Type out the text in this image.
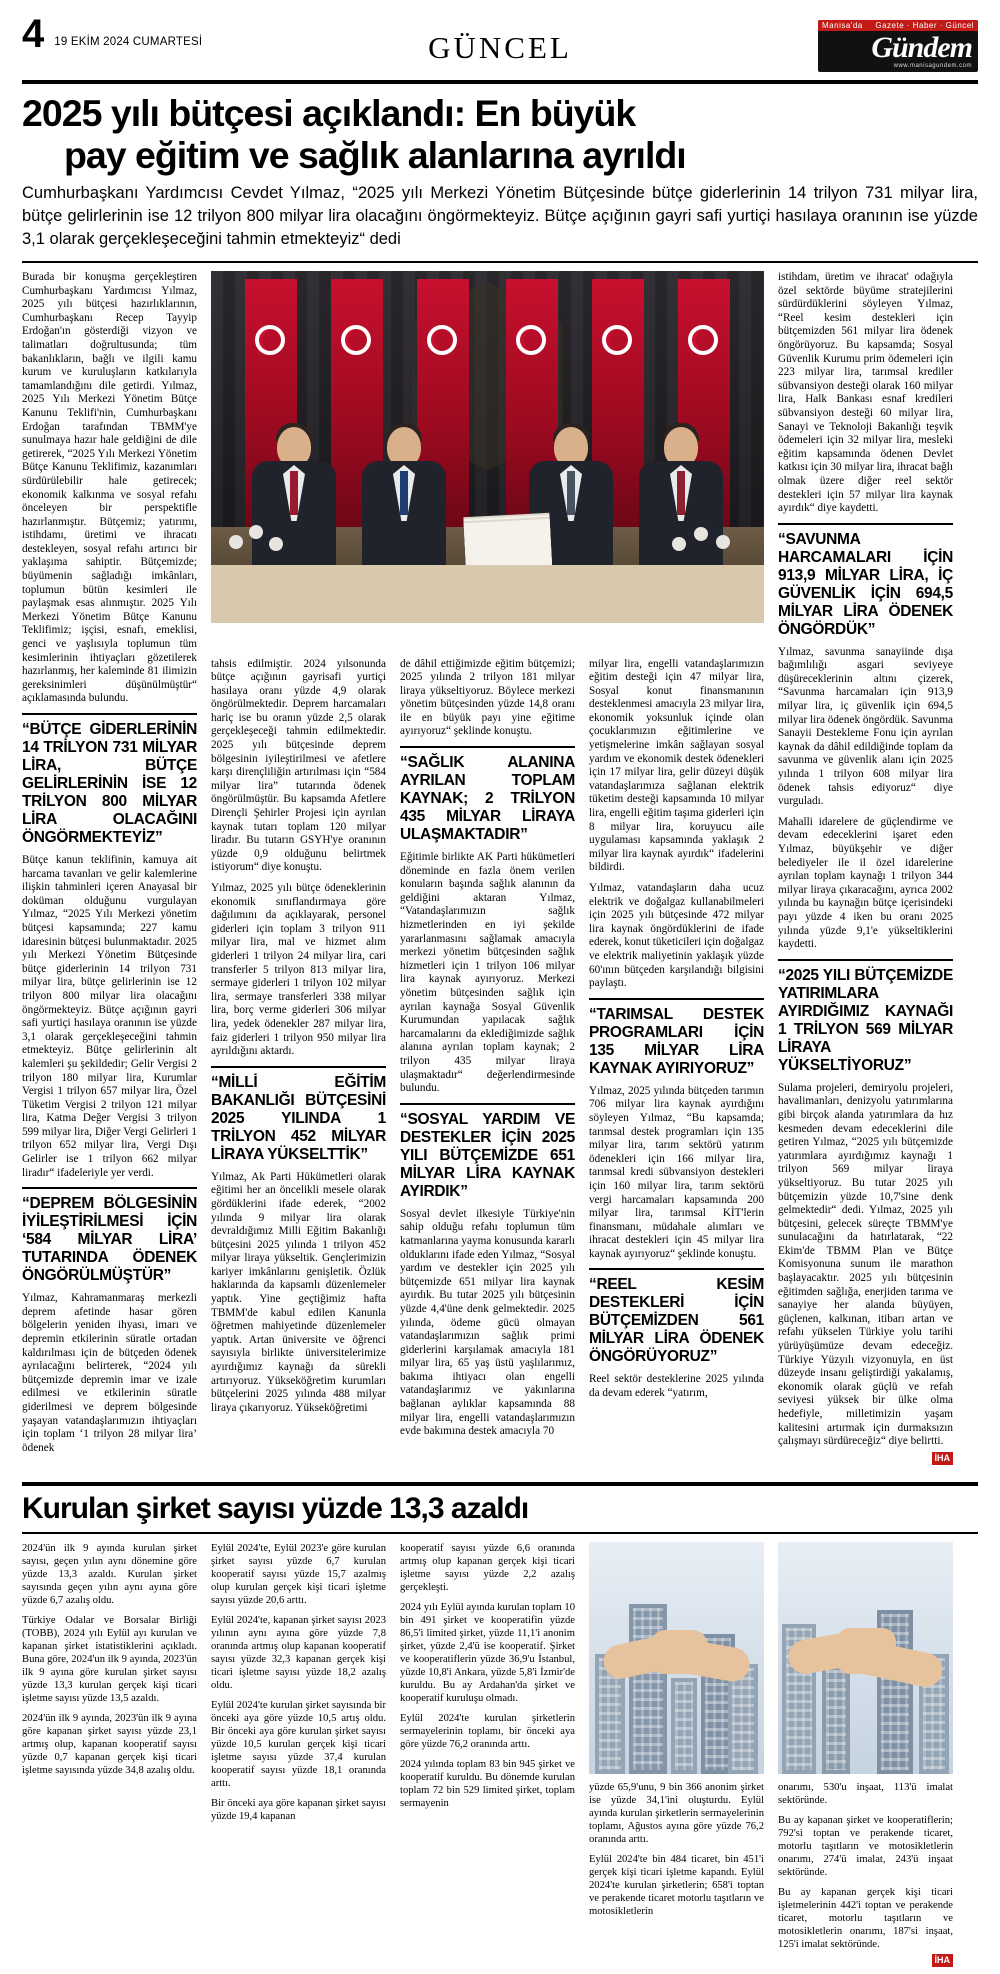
4 19 EKİM 2024 CUMARTESİ	GÜNCEL
Manisa'da Gazete · Haber · Güncel
Gündem
www.manisagundem.com
2025 yılı bütçesi açıklandı: En büyük
pay eğitim ve sağlık alanlarına ayrıldı
Cumhurbaşkanı Yardımcısı Cevdet Yılmaz, “2025 yılı Merkezi Yönetim Bütçesinde bütçe giderlerinin 14 trilyon 731 milyar lira, bütçe gelirlerinin ise 12 trilyon 800 milyar lira olacağını öngörmekteyiz. Bütçe açığının gayri safi yurtiçi hasılaya oranının ise yüzde 3,1 olarak gerçekleşeceğini tahmin etmekteyiz“ dedi

Burada bir konuşma gerçekleştiren Cumhurbaşkanı Yardımcısı Yılmaz, 2025 yılı bütçesi hazırlıklarının, Cumhurbaşkanı Recep Tayyip Erdoğan'ın gösterdiği vizyon ve talimatları doğrultusunda; tüm bakanlıkların, bağlı ve ilgili kamu kurum ve kuruluşların katkılarıyla tamamlandığını dile getirdi. Yılmaz, 2025 Yılı Merkezi Yönetim Bütçe Kanunu Teklifi'nin, Cumhurbaşkanı Erdoğan tarafından TBMM'ye sunulmaya hazır hale geldiğini de dile getirerek, “2025 Yılı Merkezi Yönetim Bütçe Kanunu Teklifimiz, kazanımları sürdürülebilir hale getirecek; ekonomik kalkınma ve sosyal refahı önceleyen bir perspektifle hazırlanmıştır. Bütçemiz; yatırımı, istihdamı, üretimi ve ihracatı destekleyen, sosyal refahı artırıcı bir yaklaşıma sahiptir. Bütçemizde; büyümenin sağladığı imkânları, toplumun bütün kesimleri ile paylaşmak esas alınmıştır. 2025 Yılı Merkezi Yönetim Bütçe Kanunu Teklifimiz; işçisi, esnafı, emeklisi, genci ve yaşlısıyla toplumun tüm kesimlerinin ihtiyaçları gözetilerek hazırlanmış, her kaleminde 81 ilimizin gereksinimleri düşünülmüştür“ açıklamasında bulundu.

“BÜTÇE GİDERLERİNİN 14 TRİLYON 731 MİLYAR LİRA, BÜTÇE GELİRLERİNİN İSE 12 TRİLYON 800 MİLYAR LİRA OLACAĞINI ÖNGÖRMEKTEYİZ”

Bütçe kanun teklifinin, kamuya ait harcama tavanları ve gelir kalemlerine ilişkin tahminleri içeren Anayasal bir doküman olduğunu vurgulayan Yılmaz, “2025 Yılı Merkezi yönetim bütçesi kapsamında; 227 kamu idaresinin bütçesi bulunmaktadır. 2025 yılı Merkezi Yönetim Bütçesinde bütçe giderlerinin 14 trilyon 731 milyar lira, bütçe gelirlerinin ise 12 trilyon 800 milyar lira olacağını öngörmekteyiz. Bütçe açığının gayri safi yurtiçi hasılaya oranının ise yüzde 3,1 olarak gerçekleşeceğini tahmin etmekteyiz. Bütçe gelirlerinin alt kalemleri şu şekildedir; Gelir Vergisi 2 trilyon 180 milyar lira, Kurumlar Vergisi 1 trilyon 657 milyar lira, Özel Tüketim Vergisi 2 trilyon 121 milyar lira, Katma Değer Vergisi 3 trilyon 599 milyar lira, Diğer Vergi Gelirleri 1 trilyon 652 milyar lira, Vergi Dışı Gelirler ise 1 trilyon 662 milyar liradır“ ifadeleriyle yer verdi.

“DEPREM BÖLGESİNİN İYİLEŞTİRİLMESİ İÇİN ‘584 MİLYAR LİRA’ TUTARINDA ÖDENEK ÖNGÖRÜLMÜŞTÜR”

Yılmaz, Kahramanmaraş merkezli deprem afetinde hasar gören bölgelerin yeniden ihyası, imarı ve depremin etkilerinin süratle ortadan kaldırılması için de bütçeden ödenek ayrılacağını belirterek, “2024 yılı bütçemizde depremin imar ve izale edilmesi ve etkilerinin süratle giderilmesi ve deprem bölgesinde yaşayan vatandaşlarımızın ihtiyaçları için toplam ‘1 trilyon 28 milyar lira’ ödenek

tahsis edilmiştir. 2024 yılsonunda bütçe açığının gayrisafi yurtiçi hasılaya oranı yüzde 4,9 olarak öngörülmektedir. Deprem harcamaları hariç ise bu oranın yüzde 2,5 olarak gerçekleşeceği tahmin edilmektedir. 2025 yılı bütçesinde deprem bölgesinin iyileştirilmesi ve afetlere karşı dirençliliğin artırılması için “584 milyar lira” tutarında ödenek öngörülmüştür. Bu kapsamda Afetlere Dirençli Şehirler Projesi için ayrılan kaynak tutarı toplam 120 milyar liradır. Bu tutarın GSYH'ye oranının yüzde 0,9 olduğunu belirtmek istiyorum“ diye konuştu.

Yılmaz, 2025 yılı bütçe ödeneklerinin ekonomik sınıflandırmaya göre dağılımını da açıklayarak, personel giderleri için toplam 3 trilyon 911 milyar lira, mal ve hizmet alım giderleri 1 trilyon 24 milyar lira, cari transferler 5 trilyon 813 milyar lira, sermaye giderleri 1 trilyon 102 milyar lira, sermaye transferleri 338 milyar lira, borç verme giderleri 306 milyar lira, yedek ödenekler 287 milyar lira, faiz giderleri 1 trilyon 950 milyar lira ayrıldığını aktardı.

“MİLLİ EĞİTİM BAKANLIĞI BÜTÇESİNİ 2025 YILINDA 1 TRİLYON 452 MİLYAR LİRAYA YÜKSELTTİK”

Yılmaz, Ak Parti Hükümetleri olarak eğitimi her an öncelikli mesele olarak gördüklerini ifade ederek, “2002 yılında 9 milyar lira olarak devraldığımız Milli Eğitim Bakanlığı bütçesini 2025 yılında 1 trilyon 452 milyar liraya yükseltik. Gençlerimizin kariyer imkânlarını genişletik. Özlük haklarında da kapsamlı düzenlemeler yaptık. Yine geçtiğimiz hafta TBMM'de kabul edilen Kanunla öğretmen mahiyetinde düzenlemeler yaptık. Artan üniversite ve öğrenci sayısıyla birlikte üniversitelerimize ayırdığımız kaynağı da sürekli artırıyoruz. Yükseköğretim kurumları bütçelerini 2025 yılında 488 milyar liraya çıkarıyoruz. Yükseköğretimi

de dâhil ettiğimizde eğitim bütçemizi; 2025 yılında 2 trilyon 181 milyar liraya yükseltiyoruz. Böylece merkezi yönetim bütçesinden yüzde 14,8 oranı ile en büyük payı yine eğitime ayırıyoruz“ şeklinde konuştu.

“SAĞLIK ALANINA AYRILAN TOPLAM KAYNAK; 2 TRİLYON 435 MİLYAR LİRAYA ULAŞMAKTADIR”

Eğitimle birlikte AK Parti hükümetleri döneminde en fazla önem verilen konuların başında sağlık alanının da geldiğini aktaran Yılmaz, “Vatandaşlarımızın sağlık hizmetlerinden en iyi şekilde yararlanmasını sağlamak amacıyla merkezi yönetim bütçesinden sağlık hizmetleri için 1 trilyon 106 milyar lira kaynak ayırıyoruz. Merkezi yönetim bütçesinden sağlık için ayrılan kaynağa Sosyal Güvenlik Kurumundan yapılacak sağlık harcamalarını da eklediğimizde sağlık alanına ayrılan toplam kaynak; 2 trilyon 435 milyar liraya ulaşmaktadır“ değerlendirmesinde bulundu.

“SOSYAL YARDIM VE DESTEKLER İÇİN 2025 YILI BÜTÇEMİZDE 651 MİLYAR LİRA KAYNAK AYIRDIK”

Sosyal devlet ilkesiyle Türkiye'nin sahip olduğu refahı toplumun tüm katmanlarına yayma konusunda kararlı olduklarını ifade eden Yılmaz, “Sosyal yardım ve destekler için 2025 yılı bütçemizde 651 milyar lira kaynak ayırdık. Bu tutar 2025 yılı bütçesinin yüzde 4,4'üne denk gelmektedir. 2025 yılında, ödeme gücü olmayan vatandaşlarımızın sağlık primi giderlerini karşılamak amacıyla 181 milyar lira, 65 yaş üstü yaşlılarımız, bakıma ihtiyacı olan engelli vatandaşlarımız ve yakınlarına bağlanan aylıklar kapsamında 88 milyar lira, engelli vatandaşlarımızın evde bakımına destek amacıyla 70

milyar lira, engelli vatandaşlarımızın eğitim desteği için 47 milyar lira, Sosyal konut finansmanının desteklenmesi amacıyla 23 milyar lira, ekonomik yoksunluk içinde olan çocuklarımızın eğitimlerine ve yetişmelerine imkân sağlayan sosyal yardım ve ekonomik destek ödenekleri için 17 milyar lira, gelir düzeyi düşük vatandaşlarımıza sağlanan elektrik tüketim desteği kapsamında 10 milyar lira, engelli eğitim taşıma giderleri için 8 milyar lira, koruyucu aile uygulaması kapsamında yaklaşık 2 milyar lira kaynak ayırdık“ ifadelerini bildirdi.

Yılmaz, vatandaşların daha ucuz elektrik ve doğalgaz kullanabilmeleri için 2025 yılı bütçesinde 472 milyar lira kaynak öngördüklerini de ifade ederek, konut tüketicileri için doğalgaz ve elektrik maliyetinin yaklaşık yüzde 60'ının bütçeden karşılandığı bilgisini paylaştı.

“TARIMSAL DESTEK PROGRAMLARI İÇİN 135 MİLYAR LİRA KAYNAK AYIRIYORUZ”

Yılmaz, 2025 yılında bütçeden tarımın 706 milyar lira kaynak ayırdığını söyleyen Yılmaz, “Bu kapsamda; tarımsal destek programları için 135 milyar lira, tarım sektörü yatırım ödenekleri için 166 milyar lira, tarımsal kredi sübvansiyon destekleri için 160 milyar lira, tarım sektörü vergi harcamaları kapsamında 200 milyar lira, tarımsal KİT'lerin finansmanı, müdahale alımları ve ihracat destekleri için 45 milyar lira kaynak ayırıyoruz“ şeklinde konuştu.

“REEL KESİM DESTEKLERİ İÇİN BÜTÇEMİZDEN 561 MİLYAR LİRA ÖDENEK ÖNGÖRÜYORUZ”

Reel sektör desteklerine 2025 yılında da devam ederek “yatırım,

istihdam, üretim ve ihracat' odağıyla özel sektörde büyüme stratejilerini sürdürdüklerini söyleyen Yılmaz, “Reel kesim destekleri için bütçemizden 561 milyar lira ödenek öngörüyoruz. Bu kapsamda; Sosyal Güvenlik Kurumu prim ödemeleri için 223 milyar lira, tarımsal krediler sübvansiyon desteği olarak 160 milyar lira, Halk Bankası esnaf kredileri sübvansiyon desteği 60 milyar lira, Sanayi ve Teknoloji Bakanlığı teşvik ödemeleri için 32 milyar lira, mesleki eğitim kapsamında ödenen Devlet katkısı için 30 milyar lira, ihracat bağlı olmak üzere diğer reel sektör destekleri için 57 milyar lira kaynak ayırdık“ diye kaydetti.

“SAVUNMA HARCAMALARI İÇİN 913,9 MİLYAR LİRA, İÇ GÜVENLİK İÇİN 694,5 MİLYAR LİRA ÖDENEK ÖNGÖRDÜK”

Yılmaz, savunma sanayiinde dışa bağımlılığı asgari seviyeye düşüreceklerinin altını çizerek, “Savunma harcamaları için 913,9 milyar lira, iç güvenlik için 694,5 milyar lira ödenek öngördük. Savunma Sanayii Destekleme Fonu için ayrılan kaynak da dâhil edildiğinde toplam da savunma ve güvenlik alanı için 2025 yılında 1 trilyon 608 milyar lira ödenek tahsis ediyoruz“ diye vurguladı.

Mahalli idarelere de güçlendirme ve devam edeceklerini işaret eden Yılmaz, büyükşehir ve diğer belediyeler ile il özel idarelerine ayrılan toplam kaynağı 1 trilyon 344 milyar liraya çıkaracağını, ayrıca 2002 yılında bu kaynağın bütçe içerisindeki payı yüzde 4 iken bu oranı 2025 yılında yüzde 9,1'e yükseltiklerini kaydetti.

“2025 YILI BÜTÇEMİZDE YATIRIMLARA AYIRDIĞIMIZ KAYNAĞI 1 TRİLYON 569 MİLYAR LİRAYA YÜKSELTİYORUZ”

Sulama projeleri, demiryolu projeleri, havalimanları, denizyolu yatırımlarına gibi birçok alanda yatırımlara da hız kesmeden devam edeceklerini dile getiren Yılmaz, “2025 yılı bütçemizde yatırımlara ayırdığımız kaynağı 1 trilyon 569 milyar liraya yükseltiyoruz. Bu tutar 2025 yılı bütçemizin yüzde 10,7'sine denk gelmektedir“ dedi. Yılmaz, 2025 yılı bütçesini, gelecek süreçte TBMM'ye sunulacağını da hatırlatarak, “22 Ekim'de TBMM Plan ve Bütçe Komisyonuna sunum ile marathon başlayacaktır. 2025 yılı bütçesinin eğitimden sağlığa, enerjiden tarıma ve sanayiye her alanda büyüyen, güçlenen, kalkınan, itibarı artan ve refahı yükselen Türkiye yolu tarihi yürüyüşümüze devam edeceğiz. Türkiye Yüzyılı vizyonuyla, en üst düzeyde insanı geliştirdiği yakalamış, ekonomik olarak güçlü ve refah seviyesi yüksek bir ülke olma hedefiyle, milletimizin yaşam kalitesini artırmak için durmaksızın çalışmayı sürdüreceğiz“ diye belirtti.

İHA

Kurulan şirket sayısı yüzde 13,3 azaldı

2024'ün ilk 9 ayında kurulan şirket sayısı, geçen yılın aynı dönemine göre yüzde 13,3 azaldı. Kurulan şirket sayısında geçen yılın aynı ayına göre yüzde 6,7 azalış oldu.

Türkiye Odalar ve Borsalar Birliği (TOBB), 2024 yılı Eylül ayı kurulan ve kapanan şirket istatistiklerini açıkladı. Buna göre, 2024'un ilk 9 ayında, 2023'ün ilk 9 ayına göre kurulan şirket sayısı yüzde 13,3 kurulan gerçek kişi ticari işletme sayısı yüzde 13,5 azaldı.

2024'ün ilk 9 ayında, 2023'ün ilk 9 ayına göre kapanan şirket sayısı yüzde 23,1 artmış olup, kapanan kooperatif sayısı yüzde 0,7 kapanan gerçek kişi ticari işletme sayısında yüzde 34,8 azalış oldu.

Eylül 2024'te, Eylül 2023'e göre kurulan şirket sayısı yüzde 6,7 kurulan kooperatif sayısı yüzde 15,7 azalmış olup kurulan gerçek kişi ticari işletme sayısı yüzde 20,6 arttı.

Eylül 2024'te, kapanan şirket sayısı 2023 yılının aynı ayına göre yüzde 7,8 oranında artmış olup kapanan kooperatif sayısı yüzde 32,3 kapanan gerçek kişi ticari işletme sayısı yüzde 18,2 azalış oldu.

Eylül 2024'te kurulan şirket sayısında bir önceki aya göre yüzde 10,5 artış oldu. Bir önceki aya göre kurulan şirket sayısı yüzde 10,5 kurulan gerçek kişi ticari işletme sayısı yüzde 37,4 kurulan kooperatif sayısı yüzde 18,1 oranında arttı.

Bir önceki aya göre kapanan şirket sayısı yüzde 19,4 kapanan

kooperatif sayısı yüzde 6,6 oranında artmış olup kapanan gerçek kişi ticari işletme sayısı yüzde 2,2 azalış gerçekleşti.

2024 yılı Eylül ayında kurulan toplam 10 bin 491 şirket ve kooperatifin yüzde 86,5'i limited şirket, yüzde 11,1'i anonim şirket, yüzde 2,4'ü ise kooperatif. Şirket ve kooperatiflerin yüzde 36,9'u İstanbul, yüzde 10,8'i Ankara, yüzde 5,8'i İzmir'de kuruldu. Bu ay Ardahan'da şirket ve kooperatif kuruluşu olmadı.

Eylül 2024'te kurulan şirketlerin sermayelerinin toplamı, bir önceki aya göre yüzde 76,2 oranında arttı.

2024 yılında toplam 83 bin 945 şirket ve kooperatif kuruldu. Bu dönemde kurulan toplam 72 bin 529 limited şirket, toplam sermayenin

yüzde 65,9'unu, 9 bin 366 anonim şirket ise yüzde 34,1'ini oluşturdu. Eylül ayında kurulan şirketlerin sermayelerinin toplamı, Ağustos ayına göre yüzde 76,2 oranında arttı.

Eylül 2024'te bin 484 ticaret, bin 451'i gerçek kişi ticari işletme kapandı. Eylül 2024'te kurulan şirketlerin; 658'i toptan ve perakende ticaret motorlu taşıtların ve motosikletlerin

onarımı, 530'u inşaat, 113'ü imalat sektöründe.

Bu ay kapanan şirket ve kooperatiflerin; 792'si toptan ve perakende ticaret, motorlu taşıtların ve motosikletlerin onarımı, 274'ü imalat, 243'ü inşaat sektöründe.

Bu ay kapanan gerçek kişi ticari işletmelerinin 442'i toptan ve perakende ticaret, motorlu taşıtların ve motosikletlerin onarımı, 187'si inşaat, 125'i imalat sektöründe.

İHA
